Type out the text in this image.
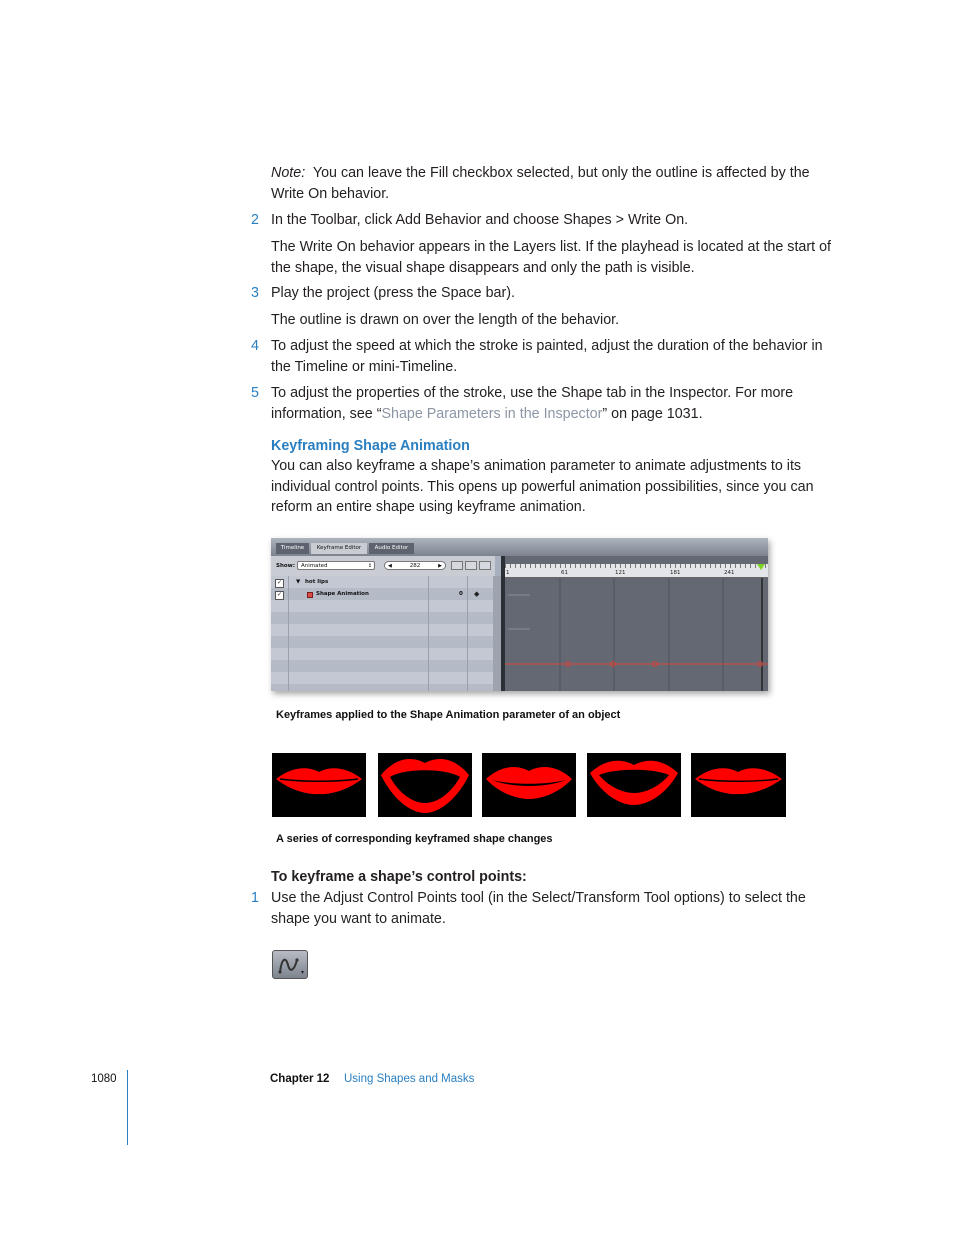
Note: You can leave the Fill checkbox selected, but only the outline is affected by the Write On behavior.
2 In the Toolbar, click Add Behavior and choose Shapes > Write On.
The Write On behavior appears in the Layers list. If the playhead is located at the start of the shape, the visual shape disappears and only the path is visible.
3 Play the project (press the Space bar).
The outline is drawn on over the length of the behavior.
4 To adjust the speed at which the stroke is painted, adjust the duration of the behavior in the Timeline or mini-Timeline.
5 To adjust the properties of the stroke, use the Shape tab in the Inspector. For more information, see “Shape Parameters in the Inspector” on page 1031.
Keyframing Shape Animation
You can also keyframe a shape’s animation parameter to animate adjustments to its individual control points. This opens up powerful animation possibilities, since you can reform an entire shape using keyframe animation.
Timeline	Keyframe Editor	Audio Editor
Show:	Animated	↕	◀	282	▶
✓	▼ hot lips
✓	Shape Animation	0 ◆
1	61	121	181	241
Keyframes applied to the Shape Animation parameter of an object
A series of corresponding keyframed shape changes
To keyframe a shape’s control points:
1 Use the Adjust Control Points tool (in the Select/Transform Tool options) to select the shape you want to animate.
1080	Chapter 12 Using Shapes and Masks
